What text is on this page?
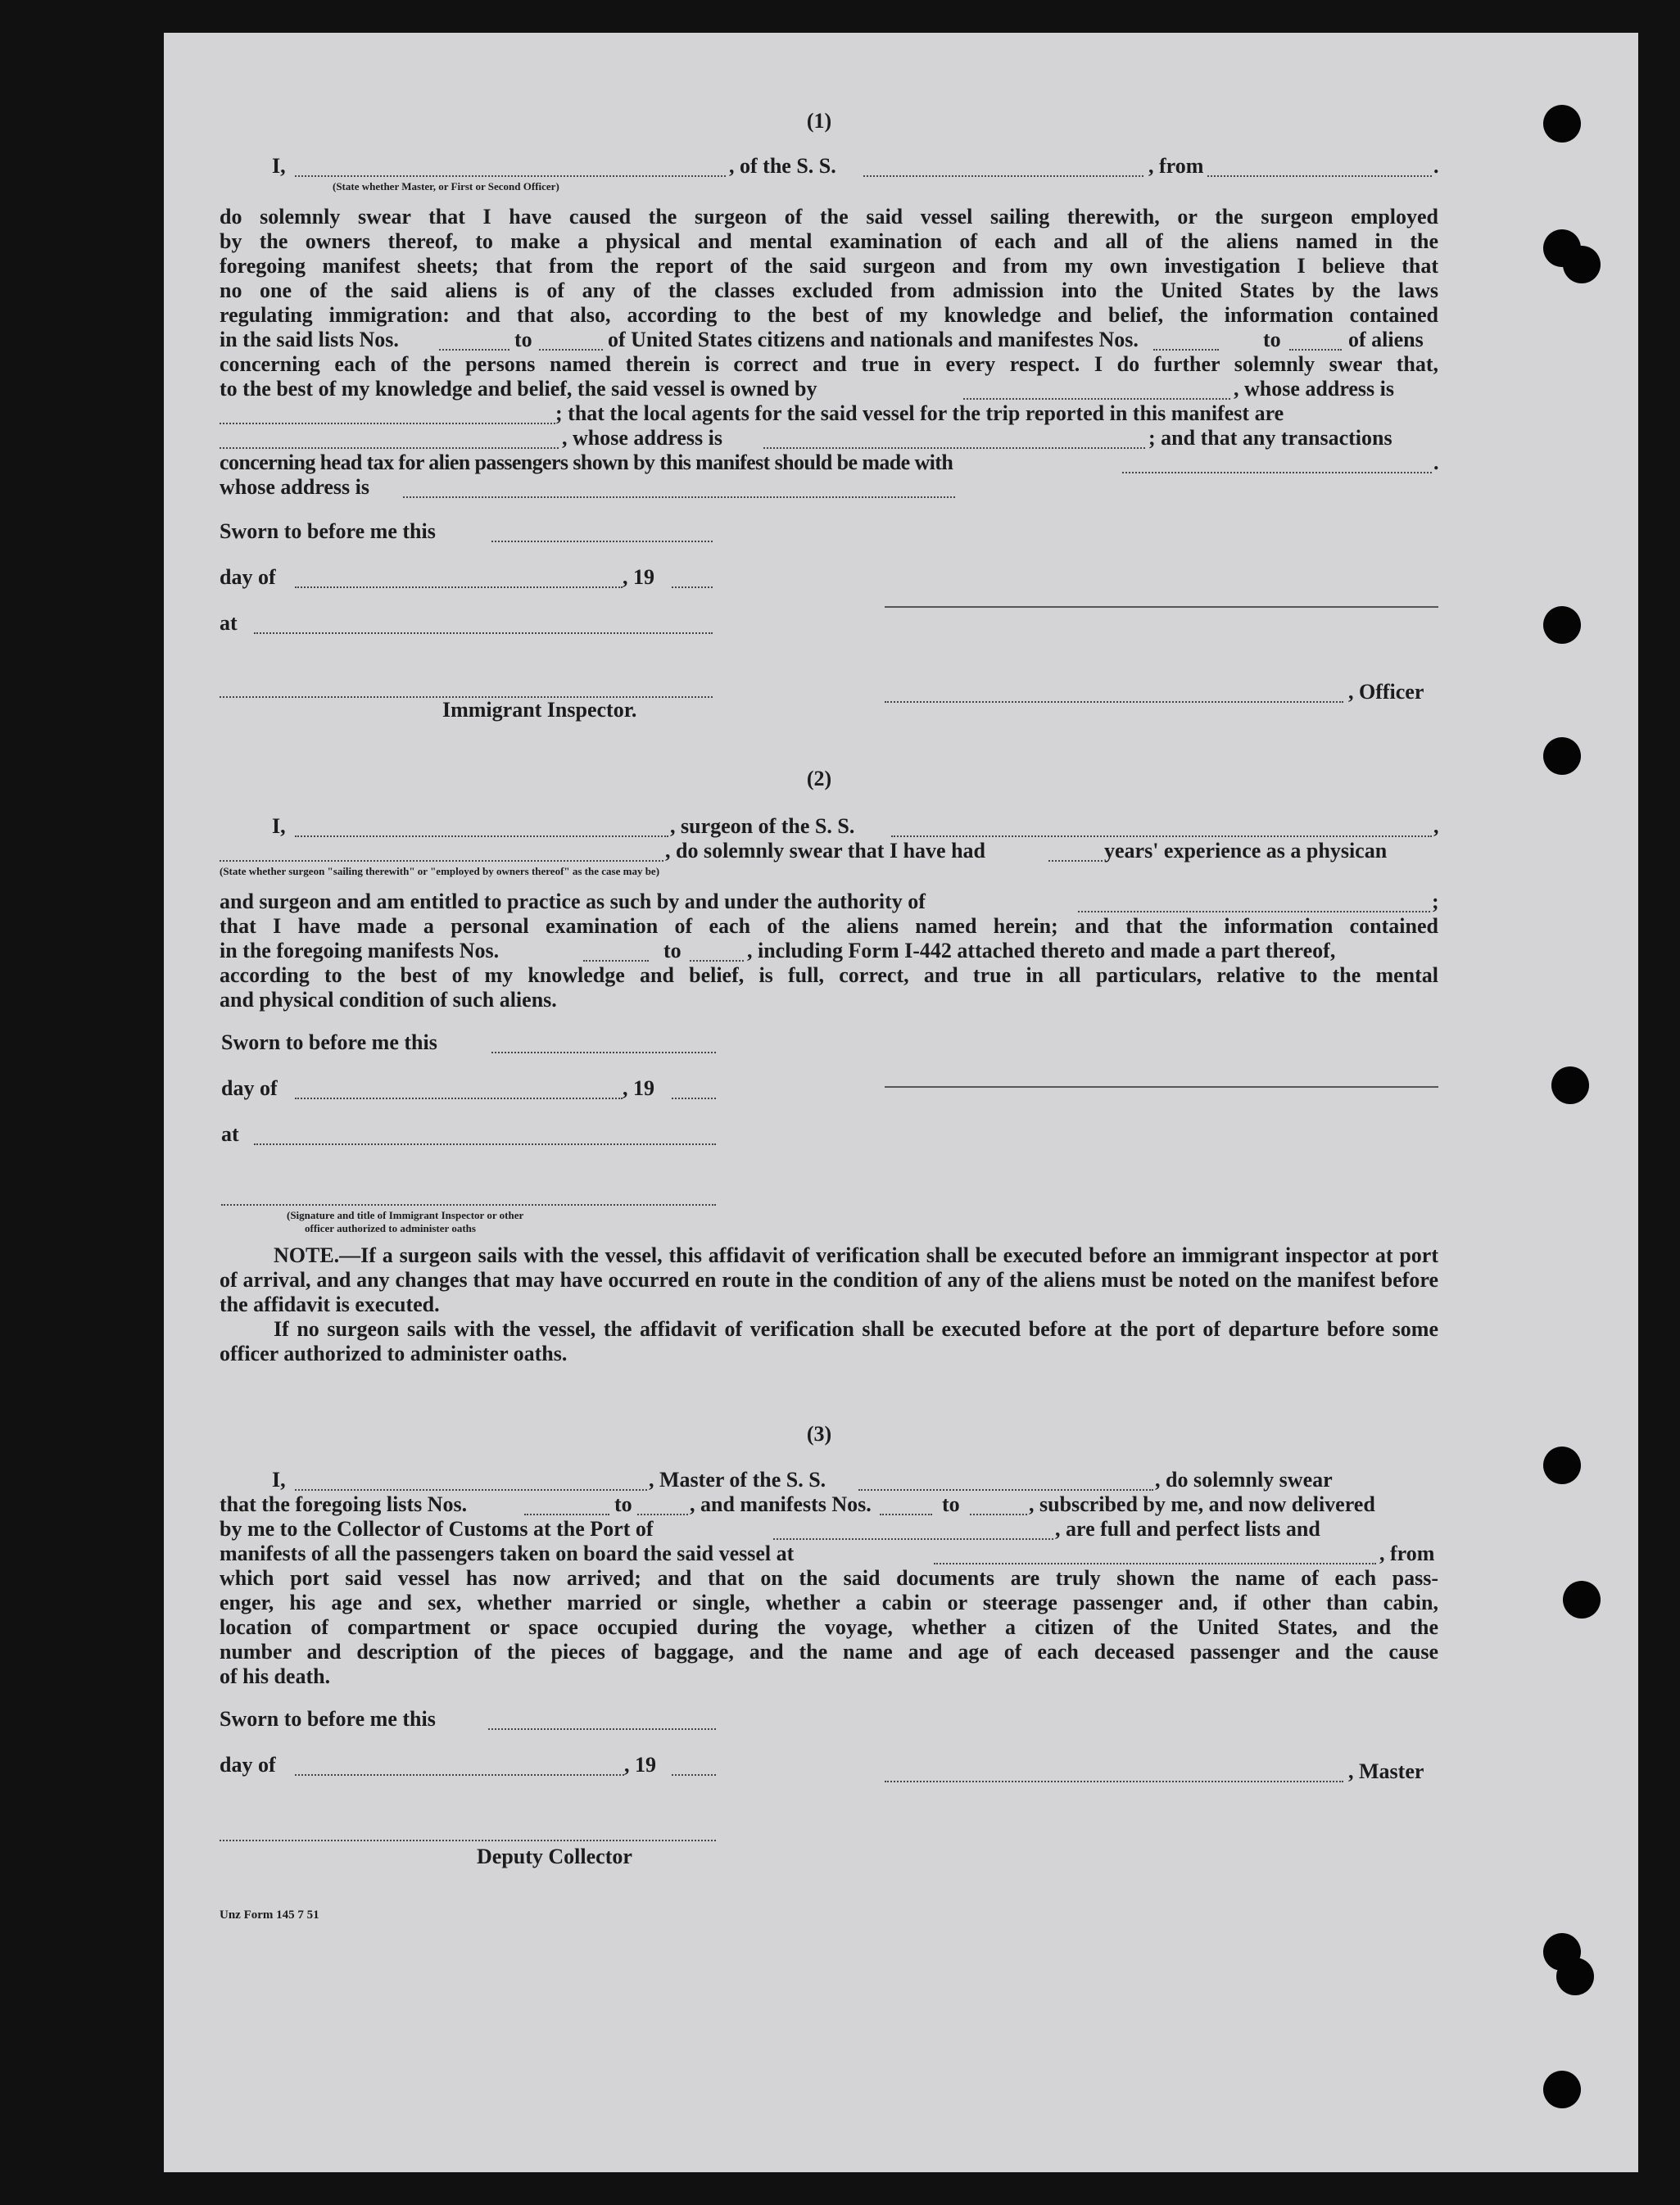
(1)
I,	, of the S. S.	, from	.
(State whether Master, or First or Second Officer)
do solemnly swear that I have caused the surgeon of the said vessel sailing therewith, or the surgeon employed
by the owners thereof, to make a physical and mental examination of each and all of the aliens named in the
foregoing manifest sheets; that from the report of the said surgeon and from my own investigation I believe that
no one of the said aliens is of any of the classes excluded from admission into the United States by the laws
regulating immigration: and that also, according to the best of my knowledge and belief, the information contained
in the said lists Nos.	to	of United States citizens and nationals and manifestes Nos.	to	of aliens
concerning each of the persons named therein is correct and true in every respect. I do further solemnly swear that,
to the best of my knowledge and belief, the said vessel is owned by	, whose address is
; that the local agents for the said vessel for the trip reported in this manifest are
, whose address is	; and that any transactions
concerning head tax for alien passengers shown by this manifest should be made with	.
whose address is
Sworn to before me this
day of	, 19
at
, Officer
Immigrant Inspector.
(2)
I,	, surgeon of the S. S.	,
, do solemnly swear that I have had	years' experience as a physican
(State whether surgeon "sailing therewith" or "employed by owners thereof" as the case may be)
and surgeon and am entitled to practice as such by and under the authority of	;
that I have made a personal examination of each of the aliens named herein; and that the information contained
in the foregoing manifests Nos.	to	, including Form I-442 attached thereto and made a part thereof,
according to the best of my knowledge and belief, is full, correct, and true in all particulars, relative to the mental
and physical condition of such aliens.
Sworn to before me this
day of	, 19
at
(Signature and title of Immigrant Inspector or other
officer authorized to administer oaths
NOTE.—If a surgeon sails with the vessel, this affidavit of verification shall be executed before an immigrant inspector at port of arrival, and any changes that may have occurred en route in the condition of any of the aliens must be noted on the manifest before the affidavit is executed.
If no surgeon sails with the vessel, the affidavit of verification shall be executed before at the port of departure before some officer authorized to administer oaths.
(3)
I,	, Master of the S. S.	, do solemnly swear
that the foregoing lists Nos.	to	, and manifests Nos.	to	, subscribed by me, and now delivered
by me to the Collector of Customs at the Port of	, are full and perfect lists and
manifests of all the passengers taken on board the said vessel at	, from
which port said vessel has now arrived; and that on the said documents are truly shown the name of each pass-
enger, his age and sex, whether married or single, whether a cabin or steerage passenger and, if other than cabin,
location of compartment or space occupied during the voyage, whether a citizen of the United States, and the
number and description of the pieces of baggage, and the name and age of each deceased passenger and the cause
of his death.
Sworn to before me this
day of	, 19	, Master
Deputy Collector
Unz Form 145 7 51
